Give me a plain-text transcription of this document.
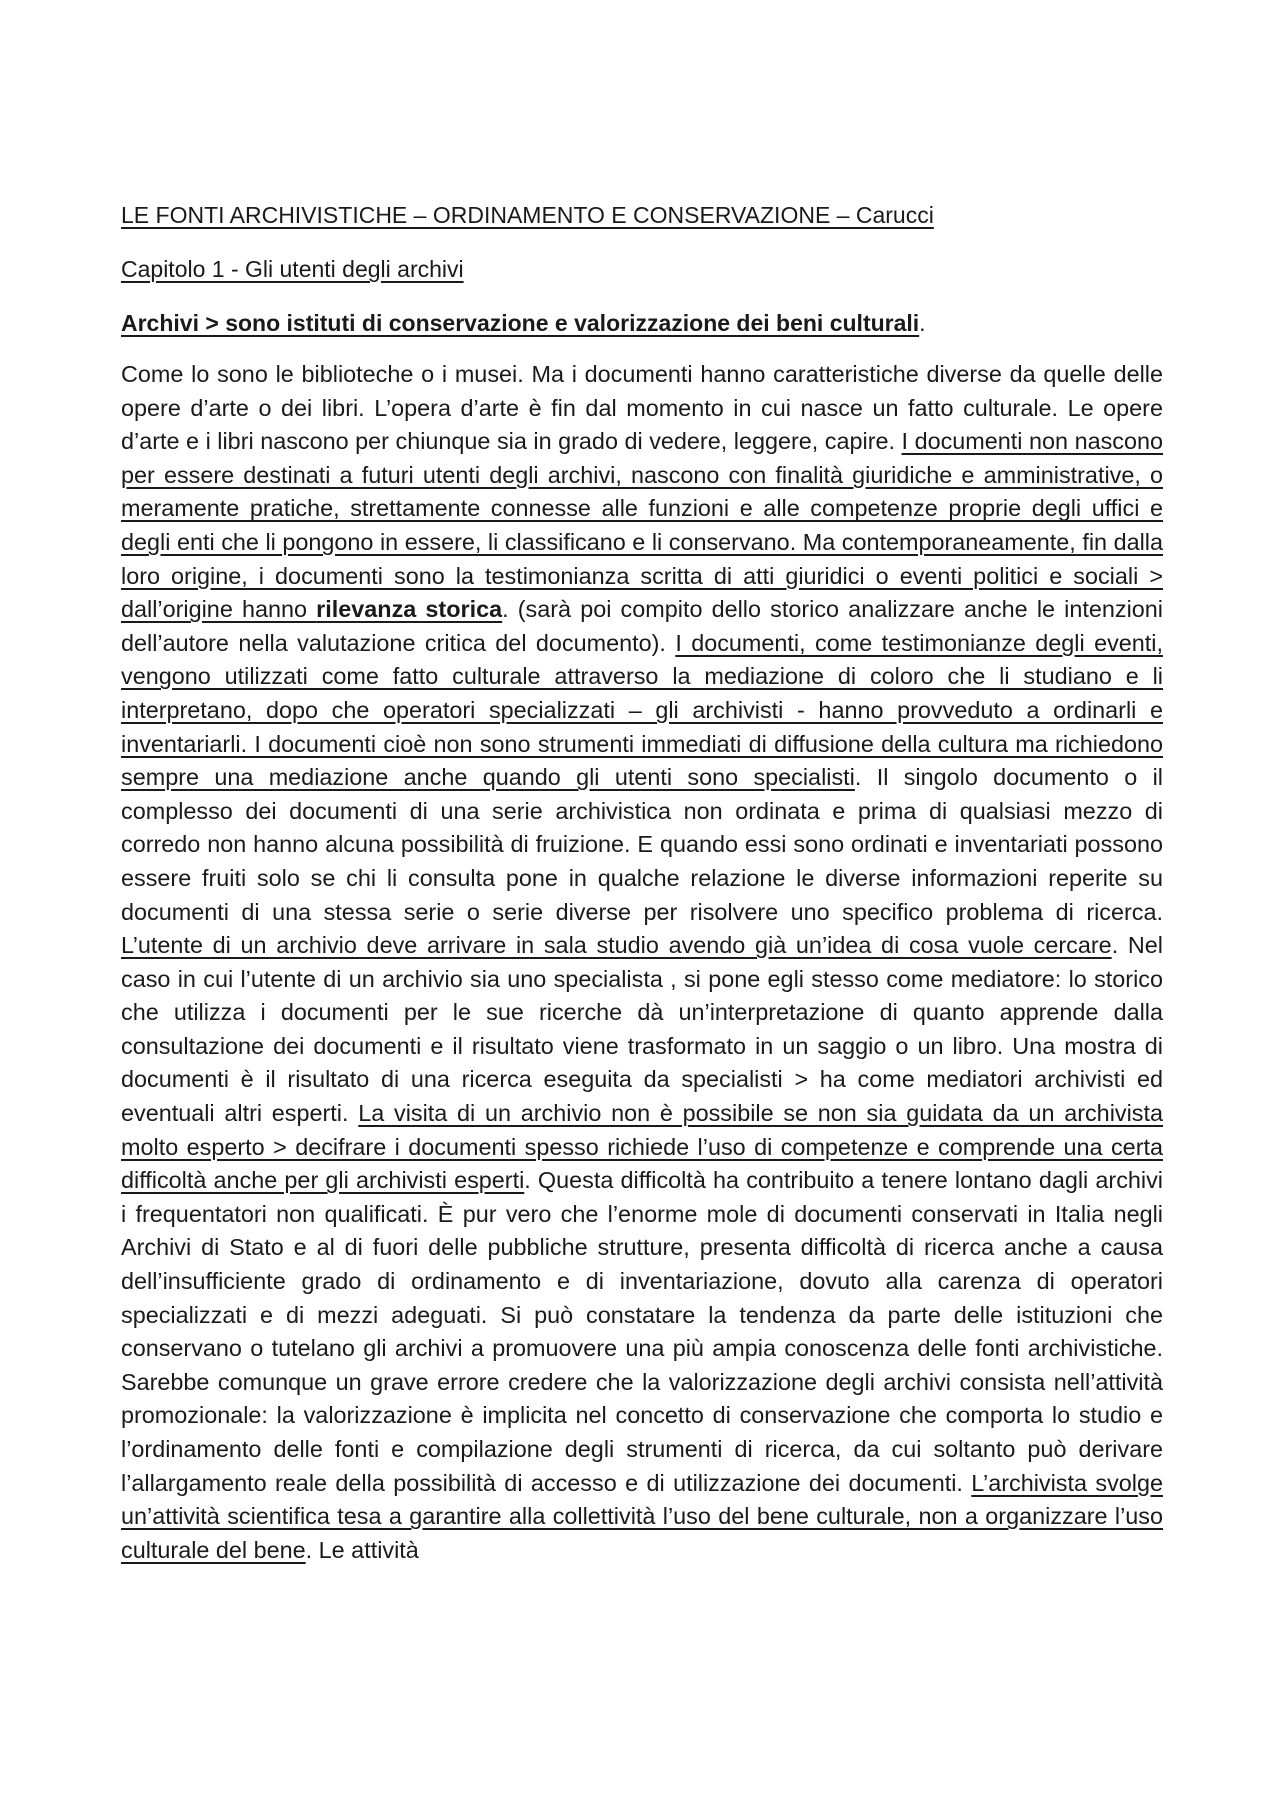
LE FONTI ARCHIVISTICHE – ORDINAMENTO E CONSERVAZIONE – Carucci
Capitolo 1 - Gli utenti degli archivi

Archivi > sono istituti di conservazione e valorizzazione dei beni culturali.

Come lo sono le biblioteche o i musei. Ma i documenti hanno caratteristiche diverse da quelle delle opere d’arte o dei libri. L’opera d’arte è fin dal momento in cui nasce un fatto culturale. Le opere d’arte e i libri nascono per chiunque sia in grado di vedere, leggere, capire. I documenti non nascono per essere destinati a futuri utenti degli archivi, nascono con finalità giuridiche e amministrative, o meramente pratiche, strettamente connesse alle funzioni e alle competenze proprie degli uffici e degli enti che li pongono in essere, li classificano e li conservano. Ma contemporaneamente, fin dalla loro origine, i documenti sono la testimonianza scritta di atti giuridici o eventi politici e sociali > dall’origine hanno rilevanza storica. (sarà poi compito dello storico analizzare anche le intenzioni dell’autore nella valutazione critica del documento). I documenti, come testimonianze degli eventi, vengono utilizzati come fatto culturale attraverso la mediazione di coloro che li studiano e li interpretano, dopo che operatori specializzati – gli archivisti - hanno provveduto a ordinarli e inventariarli. I documenti cioè non sono strumenti immediati di diffusione della cultura ma richiedono sempre una mediazione anche quando gli utenti sono specialisti. Il singolo documento o il complesso dei documenti di una serie archivistica non ordinata e prima di qualsiasi mezzo di corredo non hanno alcuna possibilità di fruizione. E quando essi sono ordinati e inventariati possono essere fruiti solo se chi li consulta pone in qualche relazione le diverse informazioni reperite su documenti di una stessa serie o serie diverse per risolvere uno specifico problema di ricerca. L’utente di un archivio deve arrivare in sala studio avendo già un’idea di cosa vuole cercare. Nel caso in cui l’utente di un archivio sia uno specialista , si pone egli stesso come mediatore: lo storico che utilizza i documenti per le sue ricerche dà un’interpretazione di quanto apprende dalla consultazione dei documenti e il risultato viene trasformato in un saggio o un libro. Una mostra di documenti è il risultato di una ricerca eseguita da specialisti > ha come mediatori archivisti ed eventuali altri esperti. La visita di un archivio non è possibile se non sia guidata da un archivista molto esperto > decifrare i documenti spesso richiede l’uso di competenze e comprende una certa difficoltà anche per gli archivisti esperti. Questa difficoltà ha contribuito a tenere lontano dagli archivi i frequentatori non qualificati. È pur vero che l’enorme mole di documenti conservati in Italia negli Archivi di Stato e al di fuori delle pubbliche strutture, presenta difficoltà di ricerca anche a causa dell’insufficiente grado di ordinamento e di inventariazione, dovuto alla carenza di operatori specializzati e di mezzi adeguati. Si può constatare la tendenza da parte delle istituzioni che conservano o tutelano gli archivi a promuovere una più ampia conoscenza delle fonti archivistiche. Sarebbe comunque un grave errore credere che la valorizzazione degli archivi consista nell’attività promozionale: la valorizzazione è implicita nel concetto di conservazione che comporta lo studio e l’ordinamento delle fonti e compilazione degli strumenti di ricerca, da cui soltanto può derivare l’allargamento reale della possibilità di accesso e di utilizzazione dei documenti. L’archivista svolge un’attività scientifica tesa a garantire alla collettività l’uso del bene culturale, non a organizzare l’uso culturale del bene. Le attività
